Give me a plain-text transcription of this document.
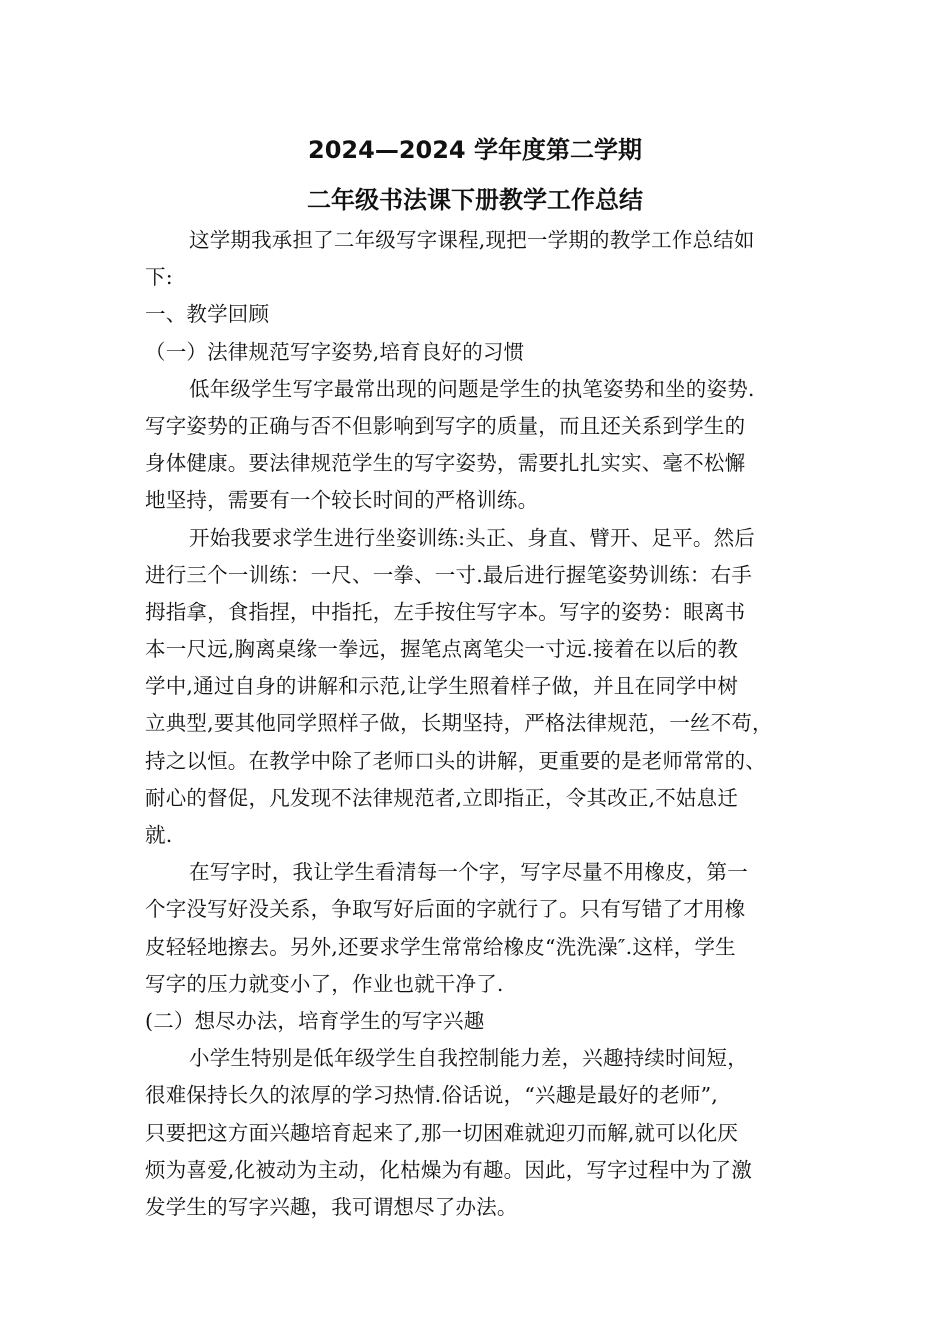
2024—2024 学年度第二学期
二年级书法课下册教学工作总结
这学期我承担了二年级写字课程,现把一学期的教学工作总结如
下:
一、教学回顾
（一）法律规范写字姿势,培育良好的习惯
低年级学生写字最常出现的问题是学生的执笔姿势和坐的姿势.
写字姿势的正确与否不但影响到写字的质量，而且还关系到学生的
身体健康。要法律规范学生的写字姿势，需要扎扎实实、毫不松懈
地坚持，需要有一个较长时间的严格训练。
开始我要求学生进行坐姿训练:头正、身直、臂开、足平。然后
进行三个一训练：一尺、一拳、一寸.最后进行握笔姿势训练：右手
拇指拿，食指捏，中指托，左手按住写字本。写字的姿势：眼离书
本一尺远,胸离桌缘一拳远，握笔点离笔尖一寸远.接着在以后的教
学中,通过自身的讲解和示范,让学生照着样子做，并且在同学中树
立典型,要其他同学照样子做，长期坚持，严格法律规范，一丝不苟，
持之以恒。在教学中除了老师口头的讲解，更重要的是老师常常的、
耐心的督促，凡发现不法律规范者,立即指正，令其改正,不姑息迁
就.
在写字时，我让学生看清每一个字，写字尽量不用橡皮，第一
个字没写好没关系，争取写好后面的字就行了。只有写错了才用橡
皮轻轻地擦去。另外,还要求学生常常给橡皮“洗洗澡″.这样，学生
写字的压力就变小了，作业也就干净了.
(二）想尽办法，培育学生的写字兴趣
小学生特别是低年级学生自我控制能力差，兴趣持续时间短，
很难保持长久的浓厚的学习热情.俗话说，“兴趣是最好的老师”,
只要把这方面兴趣培育起来了,那一切困难就迎刃而解,就可以化厌
烦为喜爱,化被动为主动，化枯燥为有趣。因此，写字过程中为了激
发学生的写字兴趣，我可谓想尽了办法。
